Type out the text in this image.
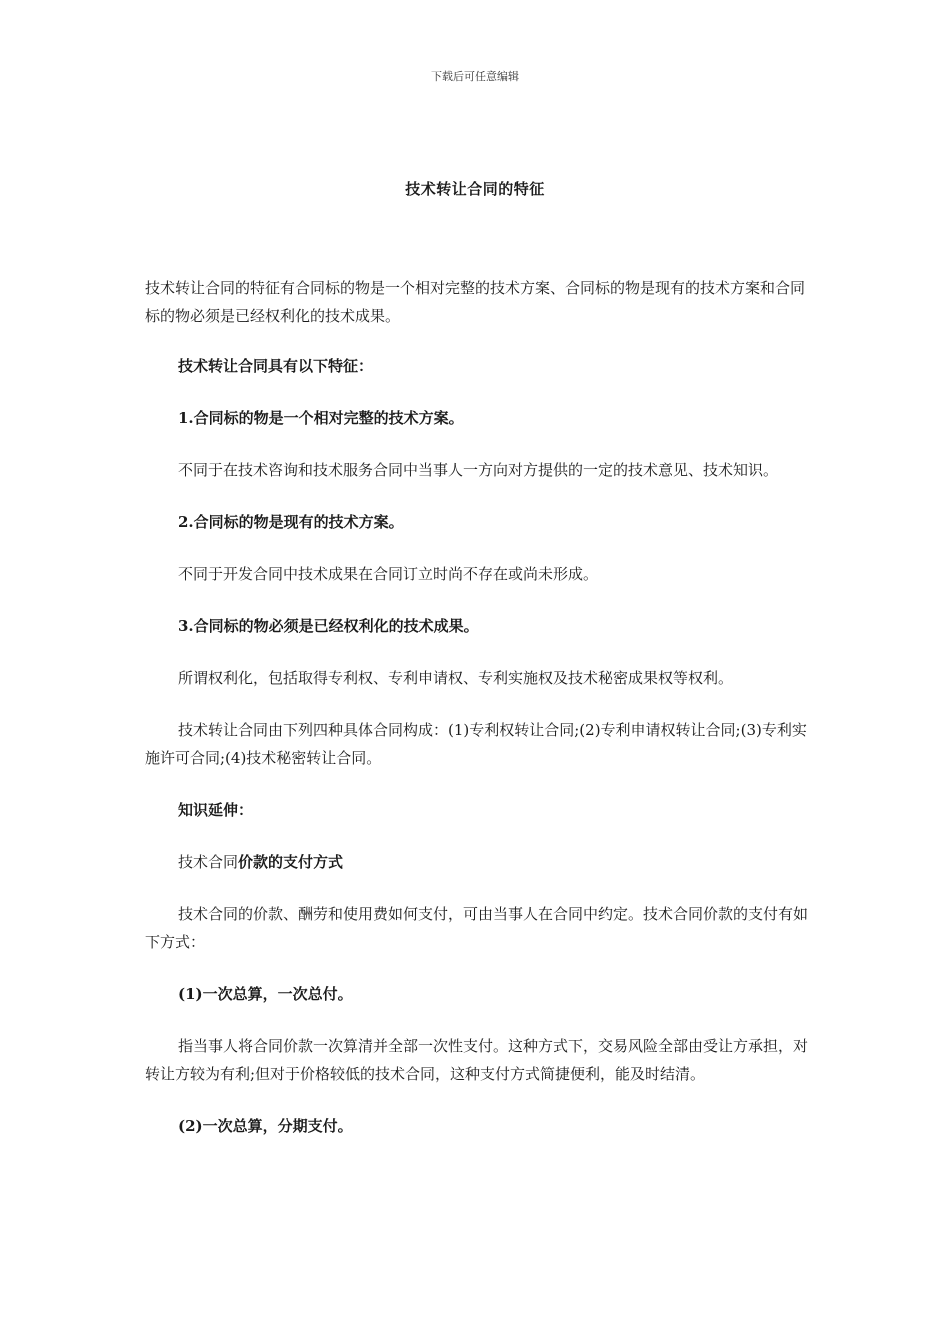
下载后可任意编辑
技术转让合同的特征

技术转让合同的特征有合同标的物是一个相对完整的技术方案、合同标的物是现有的技术方案和合同标的物必须是已经权利化的技术成果。

技术转让合同具有以下特征：

1.合同标的物是一个相对完整的技术方案。

不同于在技术咨询和技术服务合同中当事人一方向对方提供的一定的技术意见、技术知识。

2.合同标的物是现有的技术方案。

不同于开发合同中技术成果在合同订立时尚不存在或尚未形成。

3.合同标的物必须是已经权利化的技术成果。

所谓权利化，包括取得专利权、专利申请权、专利实施权及技术秘密成果权等权利。

技术转让合同由下列四种具体合同构成：(1)专利权转让合同;(2)专利申请权转让合同;(3)专利实施许可合同;(4)技术秘密转让合同。

知识延伸：

技术合同价款的支付方式

技术合同的价款、酬劳和使用费如何支付，可由当事人在合同中约定。技术合同价款的支付有如下方式：

(1)一次总算，一次总付。

指当事人将合同价款一次算清并全部一次性支付。这种方式下，交易风险全部由受让方承担，对转让方较为有利;但对于价格较低的技术合同，这种支付方式简捷便利，能及时结清。

(2)一次总算，分期支付。
